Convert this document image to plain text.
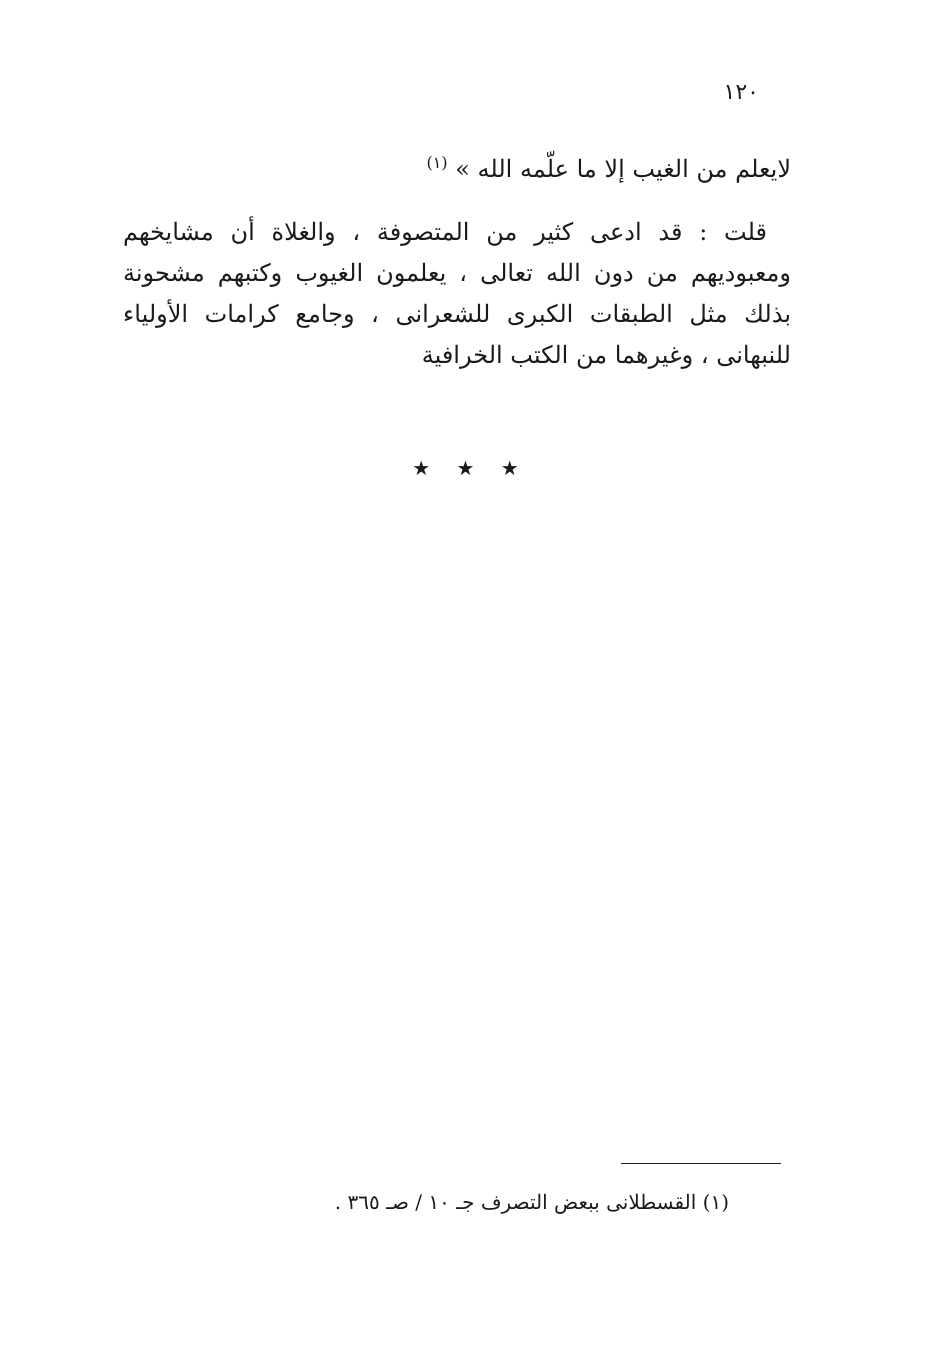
١٢٠
لايعلم من الغيب إلا ما علّمه الله » $^{(١)}$
قلت : قد ادعى كثير من المتصوفة ، والغلاة أن مشايخهم ومعبوديهم من دون الله تعالى ، يعلمون الغيوب وكتبهم مشحونة بذلك مثل الطبقات الكبرى للشعرانى ، وجامع كرامات الأولياء للنبهانى ، وغيرهما من الكتب الخرافية
★ ★ ★
(١) القسطلانى ببعض التصرف جـ ١٠ / صـ ٣٦٥ .
